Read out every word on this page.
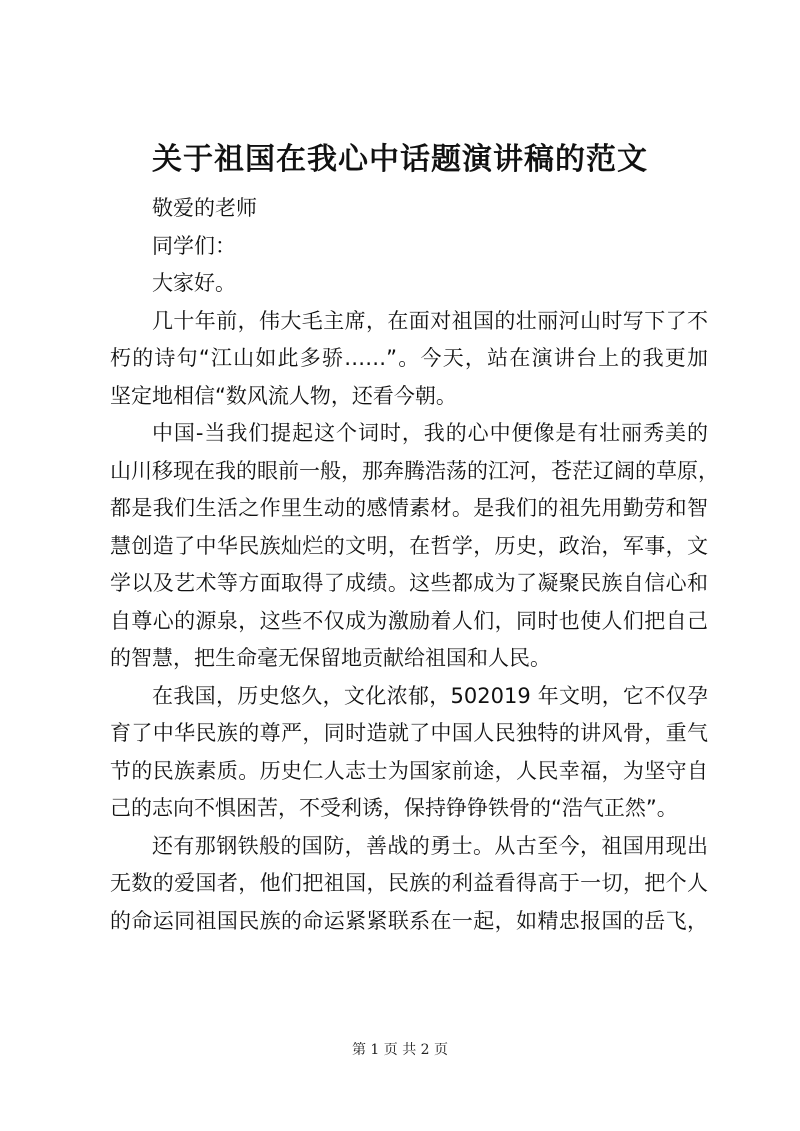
关于祖国在我心中话题演讲稿的范文
敬爱的老师
同学们：
大家好。
几十年前，伟大毛主席，在面对祖国的壮丽河山时写下了不
朽的诗句“江山如此多骄……”。今天，站在演讲台上的我更加
坚定地相信“数风流人物，还看今朝。
中国-当我们提起这个词时，我的心中便像是有壮丽秀美的
山川移现在我的眼前一般，那奔腾浩荡的江河，苍茫辽阔的草原，
都是我们生活之作里生动的感情素材。是我们的祖先用勤劳和智
慧创造了中华民族灿烂的文明，在哲学，历史，政治，军事，文
学以及艺术等方面取得了成绩。这些都成为了凝聚民族自信心和
自尊心的源泉，这些不仅成为激励着人们，同时也使人们把自己
的智慧，把生命毫无保留地贡献给祖国和人民。
在我国，历史悠久，文化浓郁，502019 年文明，它不仅孕
育了中华民族的尊严，同时造就了中国人民独特的讲风骨，重气
节的民族素质。历史仁人志士为国家前途，人民幸福，为坚守自
己的志向不惧困苦，不受利诱，保持铮铮铁骨的“浩气正然”。
还有那钢铁般的国防，善战的勇士。从古至今，祖国用现出
无数的爱国者，他们把祖国，民族的利益看得高于一切，把个人
的命运同祖国民族的命运紧紧联系在一起，如精忠报国的岳飞，
第 1 页 共 2 页
